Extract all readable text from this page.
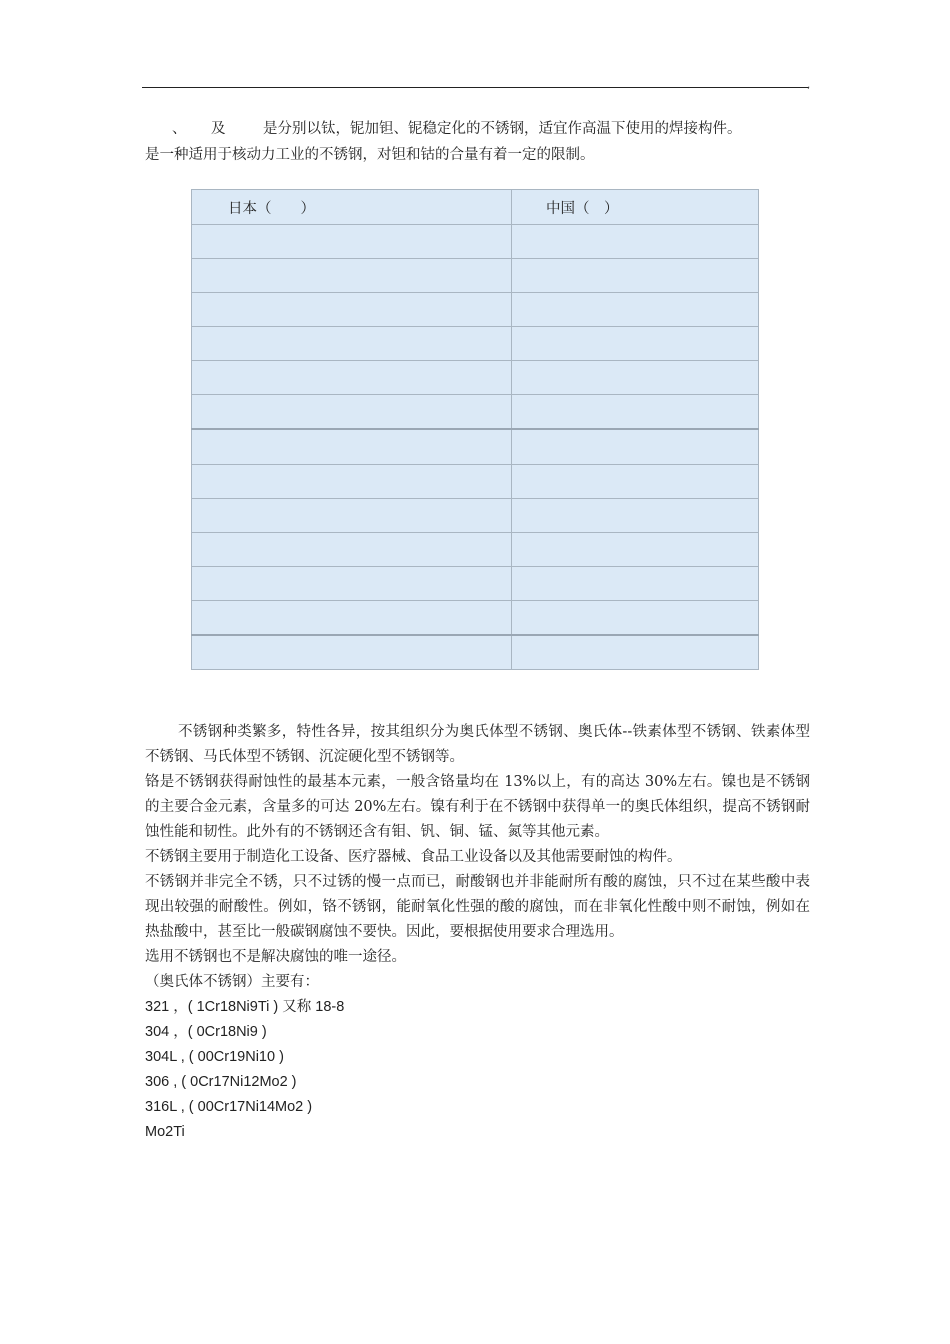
,

、

及

	是分别以钛，铌加钽、铌稳定化的不锈钢，适宜作高温下使用的焊接构件。

是一种适用于核动力工业的不锈钢，对钽和钴的合量有着一定的限制。
日本（　　）	中国（　）

不锈钢种类繁多，特性各异，按其组织分为奥氏体型不锈钢、奥氏体--铁素体型不锈钢、铁素体型不锈钢、马氏体型不锈钢、沉淀硬化型不锈钢等。

铬是不锈钢获得耐蚀性的最基本元素，一般含铬量均在 13%以上，有的高达 30%左右。镍也是不锈钢的主要合金元素，含量多的可达 20%左右。镍有利于在不锈钢中获得单一的奥氏体组织，提高不锈钢耐蚀性能和韧性。此外有的不锈钢还含有钼、钒、铜、锰、氮等其他元素。

不锈钢主要用于制造化工设备、医疗器械、食品工业设备以及其他需要耐蚀的构件。

不锈钢并非完全不锈，只不过锈的慢一点而已，耐酸钢也并非能耐所有酸的腐蚀，只不过在某些酸中表现出较强的耐酸性。例如，铬不锈钢，能耐氧化性强的酸的腐蚀，而在非氧化性酸中则不耐蚀，例如在热盐酸中，甚至比一般碳钢腐蚀不要快。因此，要根据使用要求合理选用。

选用不锈钢也不是解决腐蚀的唯一途径。

（奥氏体不锈钢）主要有：

321 ，( 1Cr18Ni9Ti ) 又称 18-8

304 ，( 0Cr18Ni9 )

304L , ( 00Cr19Ni10 )

306 , ( 0Cr17Ni12Mo2 )

316L , ( 00Cr17Ni14Mo2 )

Mo2Ti
